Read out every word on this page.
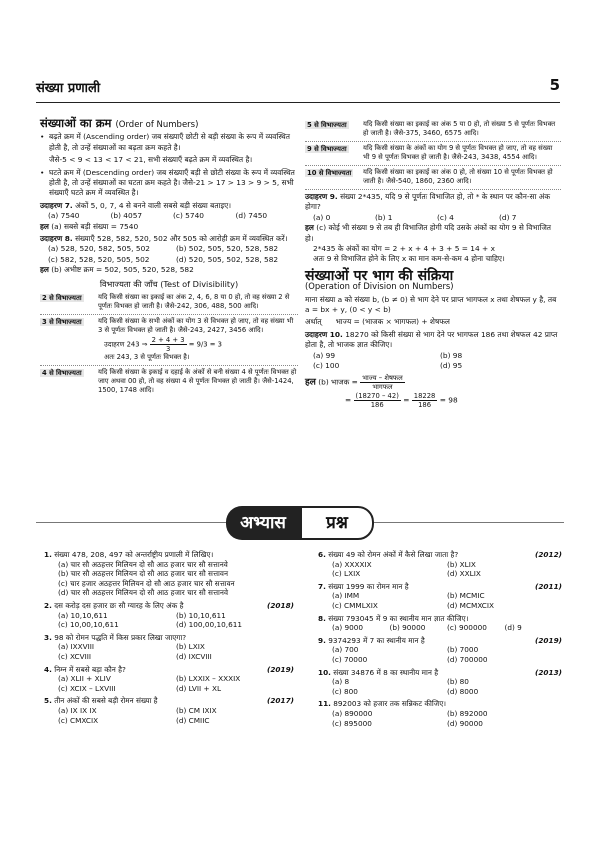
संख्या प्रणाली	5
संख्याओं का क्रम (Order of Numbers)
• बढ़ते क्रम में (Ascending order) जब संख्याएँ छोटी से बड़ी संख्या के रूप में व्यवस्थित होती है, तो उन्हें संख्याओं का बढ़ता क्रम कहते है।
जैसे-5 < 9 < 13 < 17 < 21, सभी संख्याएँ बढ़ते क्रम में व्यवस्थित है।
• घटते क्रम में (Descending order) जब संख्याएँ बड़ी से छोटी संख्या के रूप में व्यवस्थित होती है, तो उन्हें संख्याओं का घटता क्रम कहते है। जैसे-21 > 17 > 13 > 9 > 5, सभी संख्याएँ घटते क्रम में व्यवस्थित है।
उदाहरण 7. अंकों 5, 0, 7, 4 से बनने वाली सबसे बड़ी संख्या बताइए।
(a) 7540	(b) 4057	(c) 5740	(d) 7450
हल (a) सबसे बड़ी संख्या = 7540
उदाहरण 8. संख्याएँ 528, 582, 520, 502 और 505 को आरोही क्रम में व्यवस्थित करें।
(a) 528, 520, 582, 505, 502	(b) 502, 505, 520, 528, 582
(c) 582, 528, 520, 505, 502	(d) 520, 505, 502, 528, 582
हल (b) अभीष्ट क्रम = 502, 505, 520, 528, 582
विभाज्यता की जाँच (Test of Divisibility)
2 से विभाज्यता	यदि किसी संख्या का इकाई का अंक 2, 4, 6, 8 या 0 हो, तो वह संख्या 2 से पूर्णतः विभक्त हो जाती है। जैसे-242, 306, 488, 500 आदि।
3 से विभाज्यता	यदि किसी संख्या के सभी अंकों का योग 3 से विभक्त हो जाए, तो वह संख्या भी 3 से पूर्णतः विभक्त हो जाती है। जैसे-243, 2427, 3456 आदि।
उदाहरण 243 ⇒ $\frac{2 + 4 + 3}{3} = 9/3 = 3$
अतः 243, 3 से पूर्णतः विभक्त है।
4 से विभाज्यता	यदि किसी संख्या के इकाई व दहाई के अंकों से बनी संख्या 4 से पूर्णतः विभक्त हो जाए अथवा 00 हो, तो वह संख्या 4 से पूर्णतः विभक्त हो जाती है। जैसे-1424, 1500, 1748 आदि।
5 से विभाज्यता	यदि किसी संख्या का इकाई का अंक 5 या 0 हो, तो संख्या 5 से पूर्णतः विभक्त हो जाती है। जैसे-375, 3460, 6575 आदि।
9 से विभाज्यता	यदि किसी संख्या के अंकों का योग 9 से पूर्णतः विभक्त हो जाए, तो वह संख्या भी 9 से पूर्णतः विभक्त हो जाती है। जैसे-243, 3438, 4554 आदि।
10 से विभाज्यता	यदि किसी संख्या का इकाई का अंक 0 हो, तो संख्या 10 से पूर्णतः विभक्त हो जाती है। जैसे-540, 1860, 2360 आदि।
उदाहरण 9. संख्या 2*435, यदि 9 से पूर्णतः विभाजित हो, तो * के स्थान पर कौन-सा अंक होगा?
(a) 0	(b) 1	(c) 4	(d) 7
हल (c) कोई भी संख्या 9 से तब ही विभाजित होगी यदि उसके अंकों का योग 9 से विभाजित हो।
2*435 के अंकों का योग = 2 + x + 4 + 3 + 5 = 14 + x
अतः 9 से विभाजित होने के लिए x का मान कम-से-कम 4 होना चाहिए।
संख्याओं पर भाग की संक्रिया
(Operation of Division on Numbers)
माना संख्या a को संख्या b, (b ≠ 0) से भाग देने पर प्राप्त भागफल x तथा शेषफल y है, तब a = bx + y, (0 < y < b)
अर्थात् भाज्य = (भाजक × भागफल) + शेषफल
उदाहरण 10. 18270 को किसी संख्या से भाग देने पर भागफल 186 तथा शेषफल 42 प्राप्त होता है, तो भाजक ज्ञात कीजिए।
(a) 99	(b) 98
(c) 100	(d) 95
हल (b) भाजक = $\frac{\text{भाज्य – शेषफल}}{\text{भागफल}}$
= $\frac{(18270 - 42)}{186} = \frac{18228}{186} = 98$
अभ्यास	प्रश्न
1. संख्या 478, 208, 497 को अन्तर्राष्ट्रीय प्रणाली में लिखिए।
(a) चार सौ अठहत्तर मिलियन दो सौ आठ हजार चार सौ सत्तानवे
(b) चार सौ अठहत्तर मिलियन दो सौ आठ हजार चार सौ सत्तावन
(c) चार हजार अठहत्तर मिलियन दो सौ आठ हजार चार सौ सत्तावन
(d) चार सौ अठहत्तर मिलियन दो सौ आठ हजार चार सौ सत्तानवे
2. दस करोड़ दस हजार छः सौ ग्यारह के लिए अंक है	(2018)
(a) 10,10,611	(b) 10,10,611
(c) 10,00,10,611	(d) 100,00,10,611
3. 98 को रोमन पद्धति में किस प्रकार लिखा जाएगा?
(a) IXXVIII	(b) LXIX
(c) XCVIII	(d) IXCVIII
4. निम्न में सबसे बड़ा कौन है?	(2019)
(a) XLII + XLIV	(b) LXXIX – XXXIX
(c) XCIX – LXVIII	(d) LVII + XL
5. तीन अंकों की सबसे बड़ी रोमन संख्या है	(2017)
(a) IX IX IX	(b) CM IXIX
(c) CMXCIX	(d) CMIIC
6. संख्या 49 को रोमन अंकों में कैसे लिखा जाता है?	(2012)
(a) XXXXIX	(b) XLIX
(c) LXIX	(d) XXLIX
7. संख्या 1999 का रोमन मान है	(2011)
(a) IMM	(b) MCMIC
(c) CMMLXIX	(d) MCMXCIX
8. संख्या 793045 में 9 का स्थानीय मान ज्ञात कीजिए।
(a) 9000	(b) 90000	(c) 900000	(d) 9
9. 9374293 में 7 का स्थानीय मान है	(2019)
(a) 700	(b) 7000
(c) 70000	(d) 700000
10. संख्या 34876 में 8 का स्थानीय मान है	(2013)
(a) 8	(b) 80
(c) 800	(d) 8000
11. 892003 को हजार तक सन्निकट कीजिए।
(a) 890000	(b) 892000
(c) 895000	(d) 90000
